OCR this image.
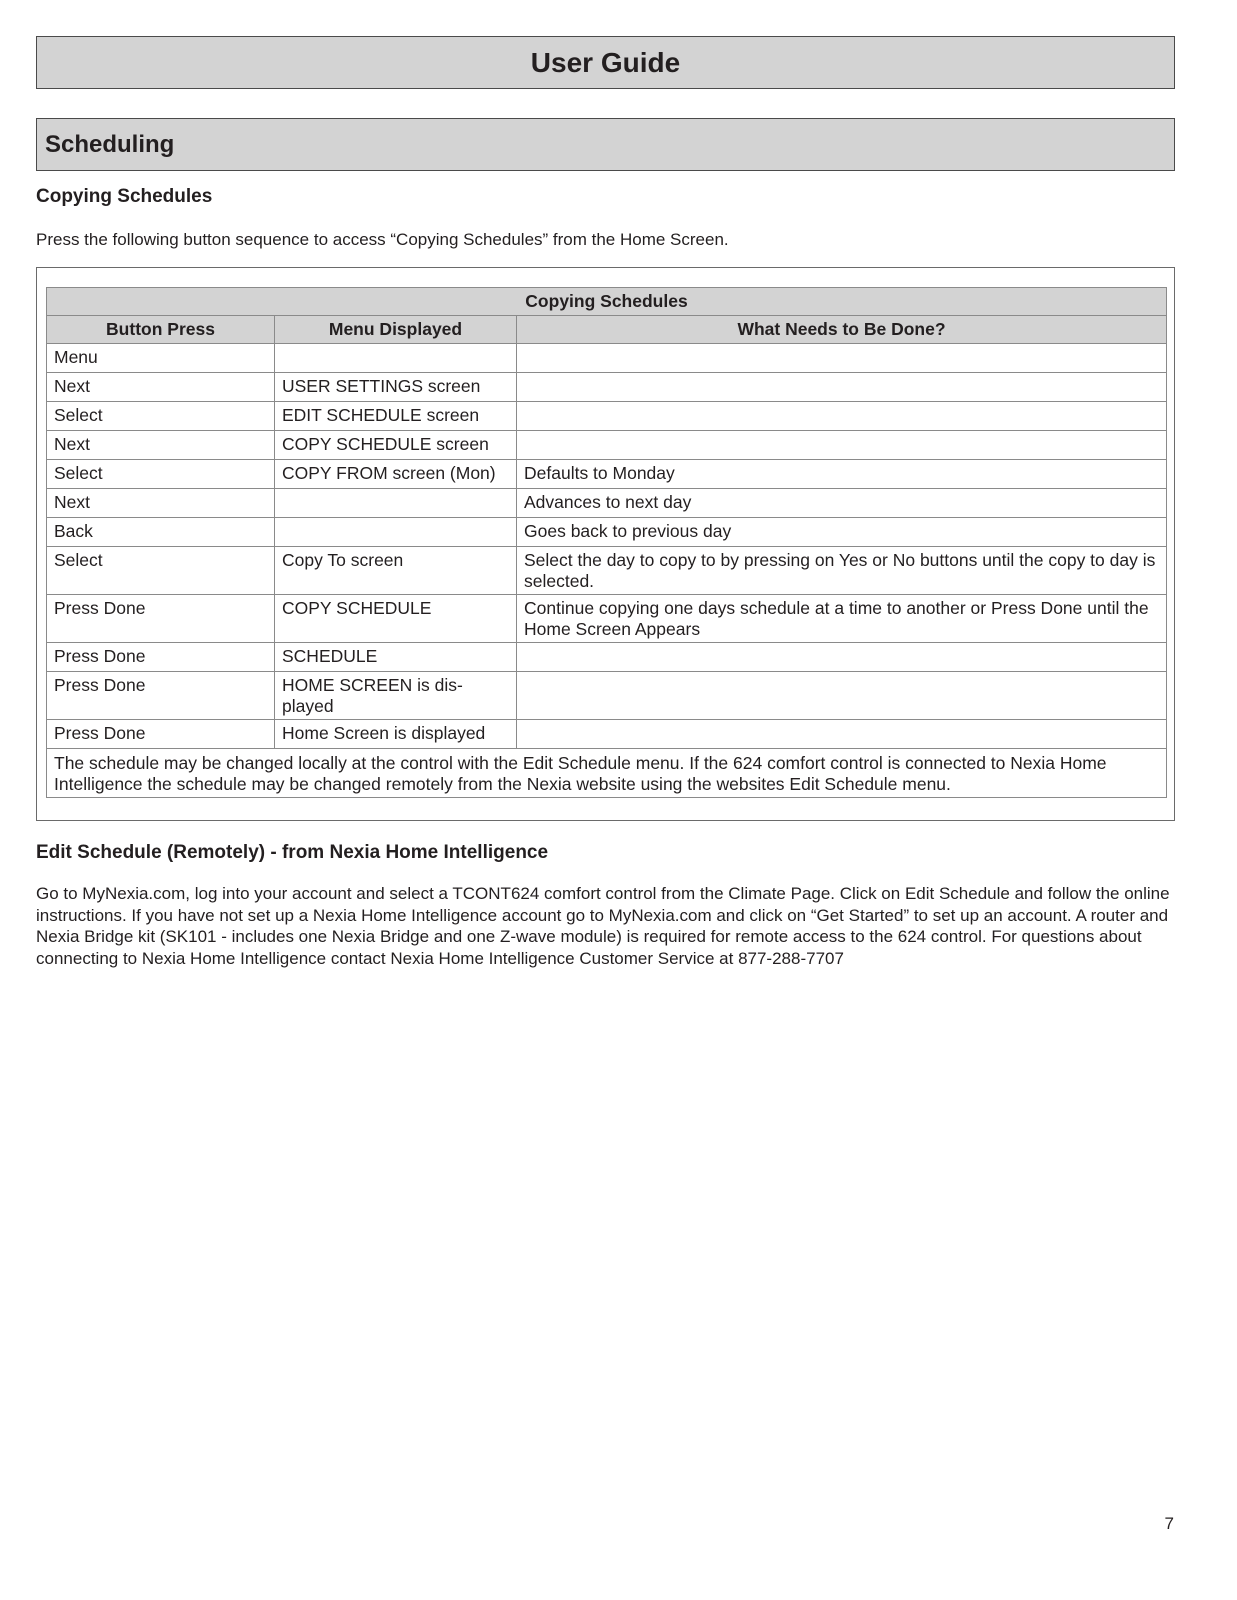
User Guide
Scheduling
Copying Schedules

Press the following button sequence to access “Copying Schedules” from the Home Screen.

Copying Schedules		
Button Press	Menu Displayed	What Needs to Be Done?
Menu		
Next	USER SETTINGS screen	
Select	EDIT SCHEDULE screen	
Next	COPY SCHEDULE screen	
Select	COPY FROM screen (Mon)	Defaults to Monday
Next		Advances to next day
Back		Goes back to previous day
Select	Copy To screen	Select the day to copy to by pressing on Yes or No buttons until the copy to day is selected.
Press Done	COPY SCHEDULE	Continue copying one days schedule at a time to another or Press Done until the Home Screen Appears
Press Done	SCHEDULE	
Press Done	HOME SCREEN is dis-played	
Press Done	Home Screen is displayed	
The schedule may be changed locally at the control with the Edit Schedule menu. If the 624 comfort control is connected to Nexia Home Intelligence the schedule may be changed remotely from the Nexia website using the websites Edit Schedule menu.		
Edit Schedule (Remotely) - from Nexia Home Intelligence

Go to MyNexia.com, log into your account and select a TCONT624 comfort control from the Climate Page. Click on Edit Schedule and follow the online instructions. If you have not set up a Nexia Home Intelligence account go to MyNexia.com and click on “Get Started” to set up an account. A router and Nexia Bridge kit (SK101 - includes one Nexia Bridge and one Z-wave module) is required for remote access to the 624 control. For questions about connecting to Nexia Home Intelligence contact Nexia Home Intelligence Customer Service at 877-288-7707

7
